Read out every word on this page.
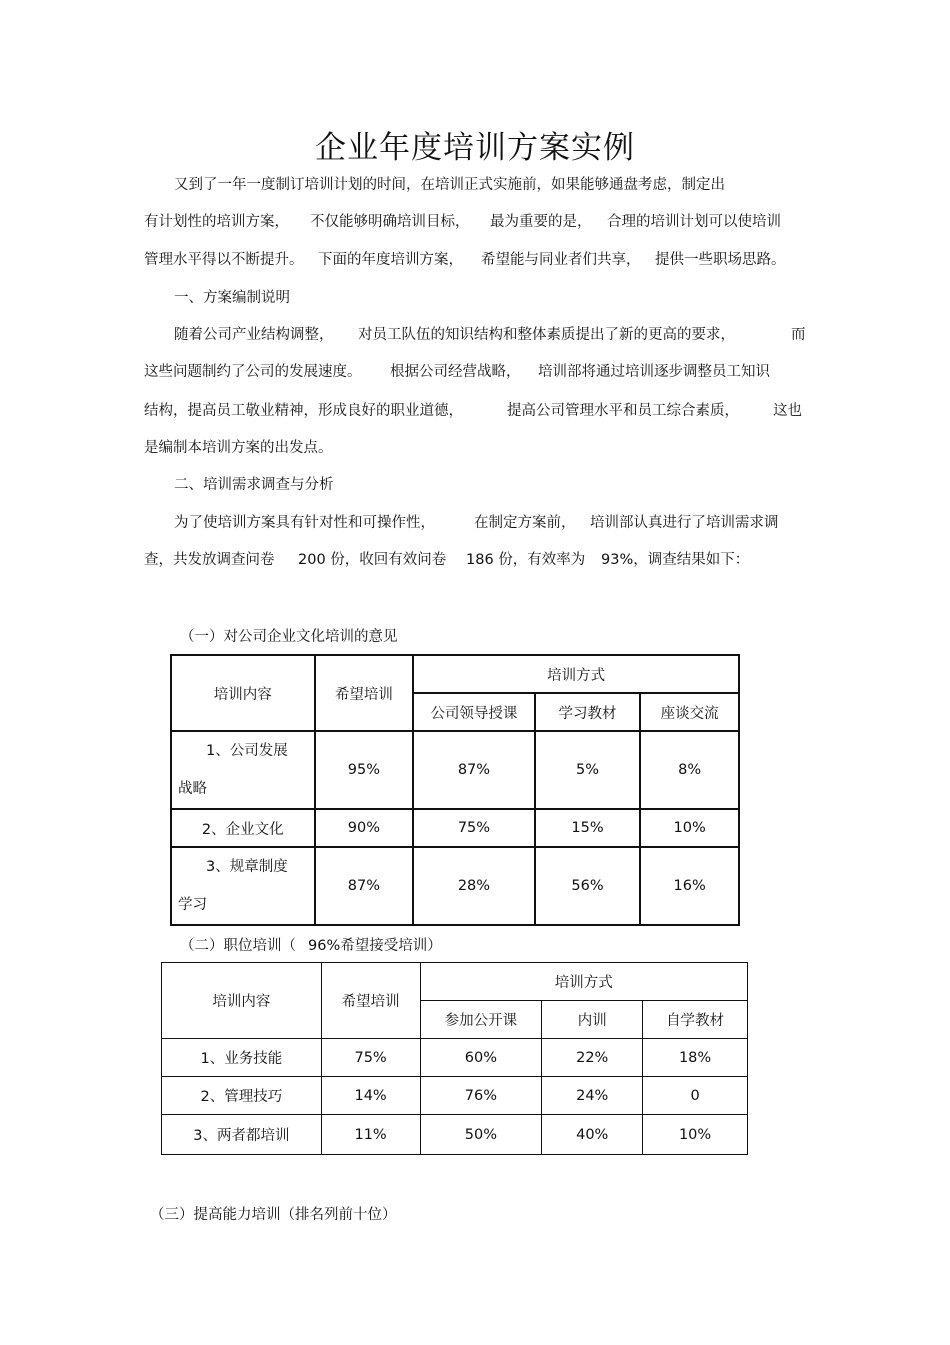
企业年度培训方案实例
又到了一年一度制订培训计划的时间，在培训正式实施前，如果能够通盘考虑，制定出
有计划性的培训方案， 不仅能够明确培训目标， 最为重要的是， 合理的培训计划可以使培训
管理水平得以不断提升。 下面的年度培训方案， 希望能与同业者们共享， 提供一些职场思路。
一、方案编制说明
随着公司产业结构调整， 对员工队伍的知识结构和整体素质提出了新的更高的要求，	而
这些问题制约了公司的发展速度。 根据公司经营战略， 培训部将通过培训逐步调整员工知识
结构，提高员工敬业精神，形成良好的职业道德，	提高公司管理水平和员工综合素质， 这也
是编制本培训方案的出发点。
二、培训需求调查与分析
为了使培训方案具有针对性和可操作性，	在制定方案前， 培训部认真进行了培训需求调
查，共发放调查问卷 200 份，收回有效问卷 186 份，有效率为 93%，调查结果如下：
（一）对公司企业文化培训的意见
培训内容	希望培训	培训方式		
		公司领导授课	学习教材	座谈交流
1、公司发展
战略	95%	87%	5%	8%
2、企业文化	90%	75%	15%	10%
3、规章制度
学习	87%	28%	56%	16%
（二）职位培训（ 96%希望接受培训）
培训内容	希望培训	培训方式		
		参加公开课	内训	自学教材
1、业务技能	75%	60%	22%	18%
2、管理技巧	14%	76%	24%	0
3、两者都培训	11%	50%	40%	10%
（三）提高能力培训（排名列前十位）
